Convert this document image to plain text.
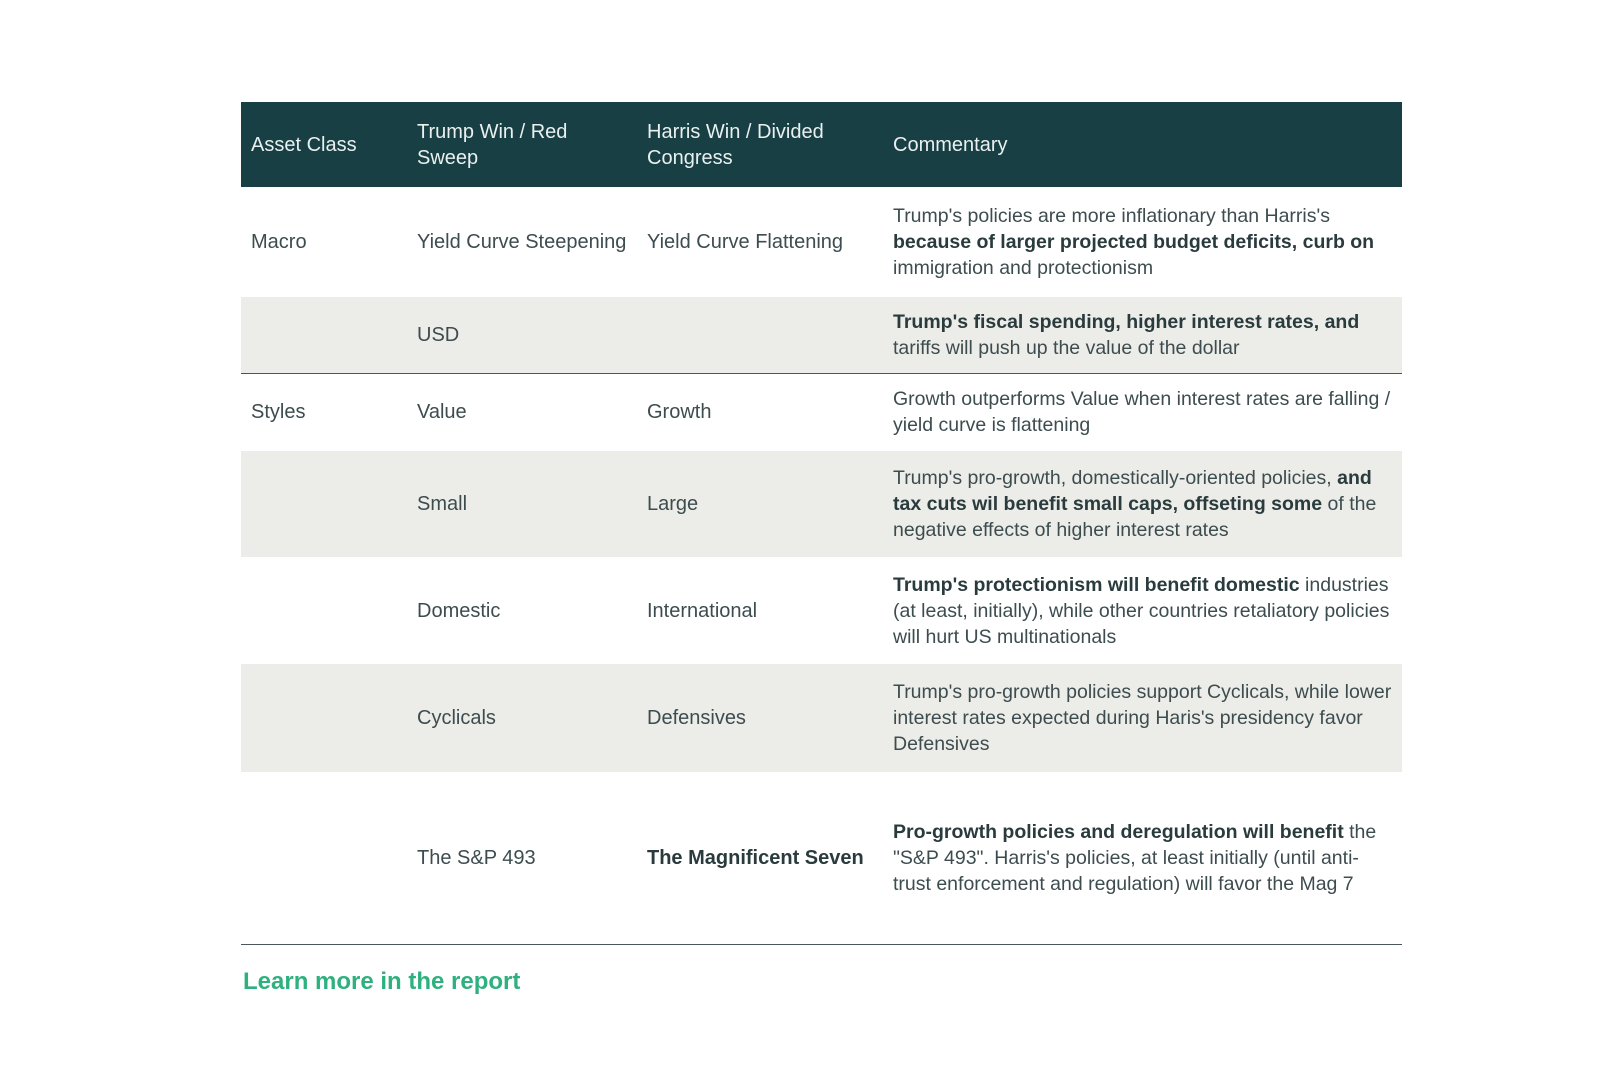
Asset Class	Trump Win / Red Sweep	Harris Win / Divided Congress	Commentary
Macro	Yield Curve Steepening	Yield Curve Flattening	Trump's policies are more inflationary than Harris's because of larger projected budget deficits, curb on immigration and protectionism
	USD		Trump's fiscal spending, higher interest rates, and tariffs will push up the value of the dollar
Styles	Value	Growth	Growth outperforms Value when interest rates are falling / yield curve is flattening
	Small	Large	Trump's pro-growth, domestically-oriented policies, and tax cuts wil benefit small caps, offseting some of the negative effects of higher interest rates
	Domestic	International	Trump's protectionism will benefit domestic industries (at least, initially), while other countries retaliatory policies will hurt US multinationals
	Cyclicals	Defensives	Trump's pro-growth policies support Cyclicals, while lower interest rates expected during Haris's presidency favor Defensives
	The S&P 493	The Magnificent Seven	Pro-growth policies and deregulation will benefit the "S&P 493". Harris's policies, at least initially (until anti-trust enforcement and regulation) will favor the Mag 7
Learn more in the report
